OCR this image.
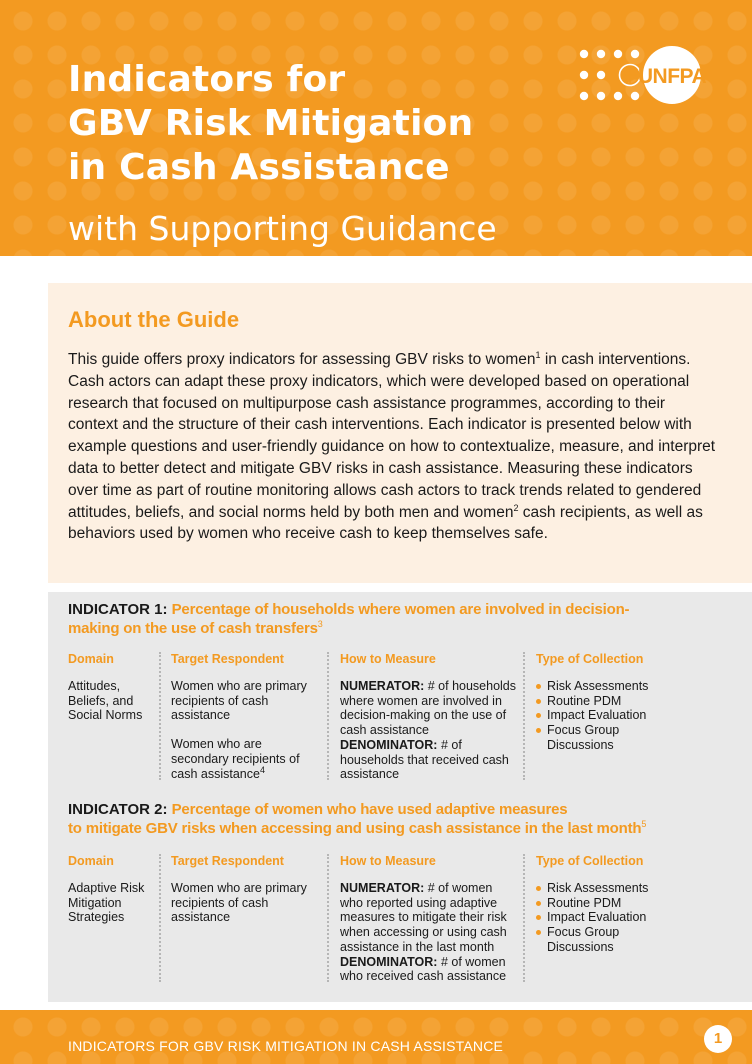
Indicators for
GBV Risk Mitigation
in Cash Assistance
with Supporting Guidance
UNFPA
About the Guide
This guide offers proxy indicators for assessing GBV risks to women$^1$ in cash interventions. Cash actors can adapt these proxy indicators, which were developed based on operational research that focused on multipurpose cash assistance programmes, according to their context and the structure of their cash interventions. Each indicator is presented below with example questions and user-friendly guidance on how to contextualize, measure, and interpret data to better detect and mitigate GBV risks in cash assistance. Measuring these indicators over time as part of routine monitoring allows cash actors to track trends related to gendered attitudes, beliefs, and social norms held by both men and women$^2$ cash recipients, as well as behaviors used by women who receive cash to keep themselves safe.
INDICATOR 1: Percentage of households where women are involved in decision-
making on the use of cash transfers$^3$
Domain
Attitudes, Beliefs, and Social Norms
Target Respondent
Women who are primary recipients of cash assistance
Women who are secondary recipients of cash assistance$^4$
How to Measure
NUMERATOR: # of households where women are involved in decision-making on the use of cash assistance
DENOMINATOR: # of households that received cash assistance
Type of Collection
Risk Assessments
Routine PDM
Impact Evaluation
Focus Group Discussions
INDICATOR 2: Percentage of women who have used adaptive measures
to mitigate GBV risks when accessing and using cash assistance in the last month$^5$
Domain
Adaptive Risk Mitigation Strategies
Target Respondent
Women who are primary recipients of cash assistance
How to Measure
NUMERATOR: # of women who reported using adaptive measures to mitigate their risk when accessing or using cash assistance in the last month
DENOMINATOR: # of women who received cash assistance
Type of Collection
Risk Assessments
Routine PDM
Impact Evaluation
Focus Group Discussions
INDICATORS FOR GBV RISK MITIGATION IN CASH ASSISTANCE	1
